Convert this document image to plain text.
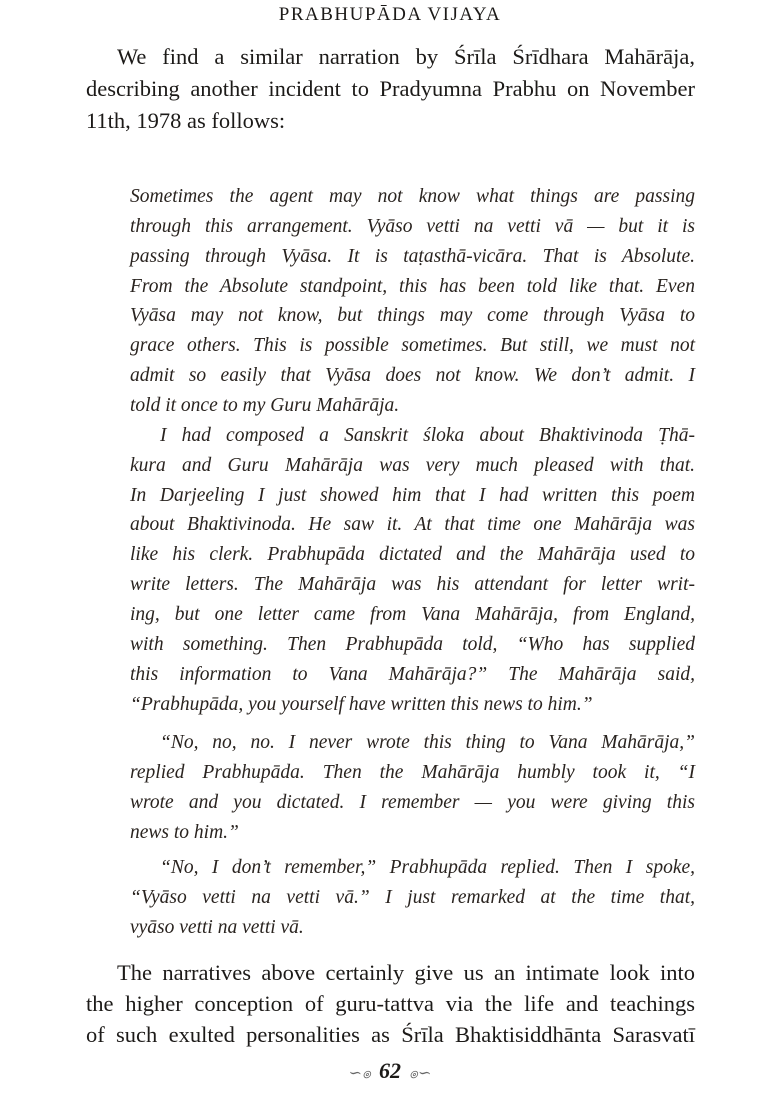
PRABHUPĀDA VIJAYA
We find a similar narration by Śrīla Śrīdhara Mahārāja,
describing another incident to Pradyumna Prabhu on November
11th, 1978 as follows:
Sometimes the agent may not know what things are passing
through this arrangement. Vyāso vetti na vetti vā — but it is
passing through Vyāsa. It is taṭasthā-vicāra. That is Absolute.
From the Absolute standpoint, this has been told like that. Even
Vyāsa may not know, but things may come through Vyāsa to
grace others. This is possible sometimes. But still, we must not
admit so easily that Vyāsa does not know. We don’t admit. I
told it once to my Guru Mahārāja.
I had composed a Sanskrit śloka about Bhaktivinoda Ṭhā-
kura and Guru Mahārāja was very much pleased with that.
In Darjeeling I just showed him that I had written this poem
about Bhaktivinoda. He saw it. At that time one Mahārāja was
like his clerk. Prabhupāda dictated and the Mahārāja used to
write letters. The Mahārāja was his attendant for letter writ-
ing, but one letter came from Vana Mahārāja, from England,
with something. Then Prabhupāda told, “Who has supplied
this information to Vana Mahārāja?” The Mahārāja said,
“Prabhupāda, you yourself have written this news to him.”
“No, no, no. I never wrote this thing to Vana Mahārāja,”
replied Prabhupāda. Then the Mahārāja humbly took it, “I
wrote and you dictated. I remember — you were giving this
news to him.”
“No, I don’t remember,” Prabhupāda replied. Then I spoke,
“Vyāso vetti na vetti vā.” I just remarked at the time that,
vyāso vetti na vetti vā.
The narratives above certainly give us an intimate look into
the higher conception of guru-tattva via the life and teachings
of such exulted personalities as Śrīla Bhaktisiddhānta Sarasvatī
∽ၜ 62 ၜ∽
